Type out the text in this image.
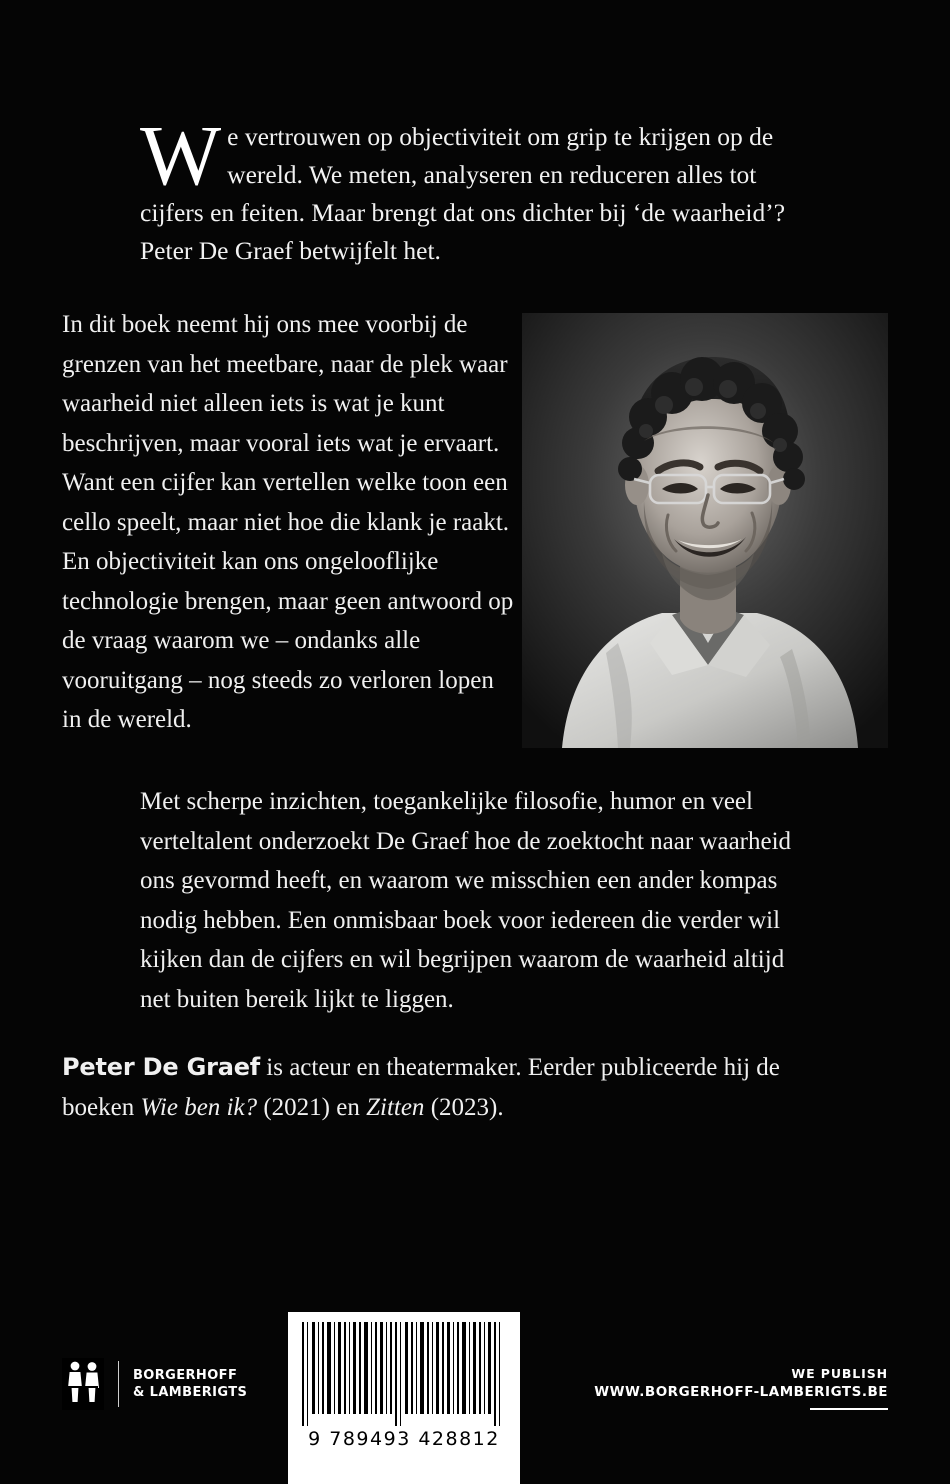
We vertrouwen op objectiviteit om grip te krijgen op de wereld. We meten, analyseren en reduceren alles tot cijfers en feiten. Maar brengt dat ons dichter bij ‘de waarheid’? Peter De Graef betwijfelt het.
In dit boek neemt hij ons mee voorbij de grenzen van het meetbare, naar de plek waar waarheid niet alleen iets is wat je kunt beschrijven, maar vooral iets wat je ervaart. Want een cijfer kan vertellen welke toon een cello speelt, maar niet hoe die klank je raakt. En objectiviteit kan ons ongelooflijke technologie brengen, maar geen antwoord op de vraag waarom we – ondanks alle vooruitgang – nog steeds zo verloren lopen in de wereld.
Met scherpe inzichten, toegankelijke filosofie, humor en veel verteltalent onderzoekt De Graef hoe de zoektocht naar waarheid ons gevormd heeft, en waarom we misschien een ander kompas nodig hebben. Een onmisbaar boek voor iedereen die verder wil kijken dan de cijfers en wil begrijpen waarom de waarheid altijd net buiten bereik lijkt te liggen.
Peter De Graef is acteur en theatermaker. Eerder publiceerde hij de boeken Wie ben ik? (2021) en Zitten (2023).
BORGERHOFF
& LAMBERIGTS
9 789493 428812
WE PUBLISH
WWW.BORGERHOFF-LAMBERIGTS.BE
